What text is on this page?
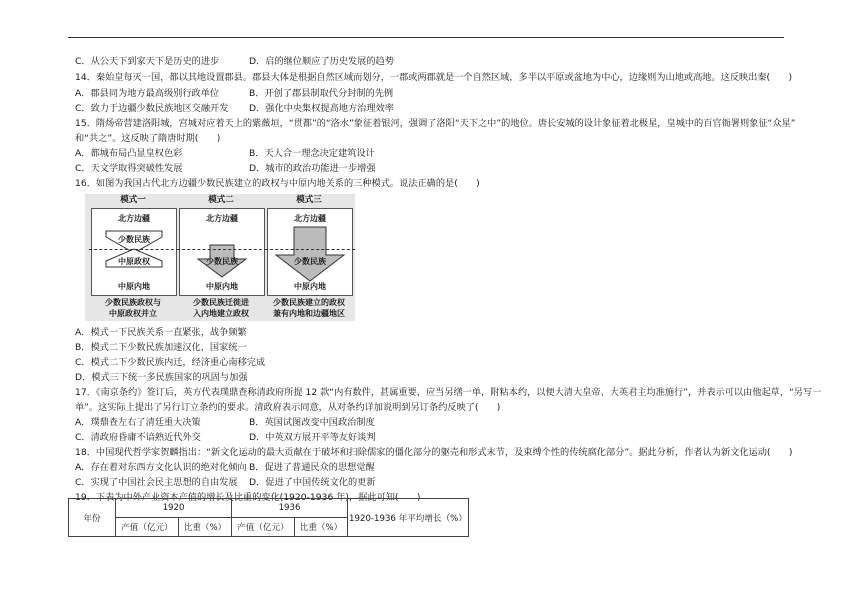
C．从公天下到家天下是历史的进步	D．启的继位顺应了历史发展的趋势
14．秦始皇每灭一国，都以其地设置郡县。郡县大体是根据自然区域而划分，一郡或两郡就是一个自然区域，多半以平原或盆地为中心，边缘则为山地或高地。这反映出秦(　　)
A．郡县同为地方最高级别行政单位	B．开创了郡县制取代分封制的先例
C．致力于边疆少数民族地区交融开发 D．强化中央集权提高地方治理效率
15．隋炀帝营建洛阳城，宫城对应着天上的紫薇垣，“贯都”的“洛水”象征着银河，强调了洛阳“天下之中”的地位。唐长安城的设计象征着北极星，皇城中的百官衙署则象征“众星”
和“共之”。这反映了隋唐时期(　　)
A．都城布局凸显皇权色彩	B．天人合一理念决定建筑设计
C．天文学取得突破性发展	D．城市的政治功能进一步增强
16．如图为我国古代北方边疆少数民族建立的政权与中原内地关系的三种模式。说法正确的是(　　)
A．模式一下民族关系一直紧张，战争频繁
B．模式二下少数民族加速汉化，国家统一
C．模式二下少数民族内迁，经济重心南移完成
D．模式三下统一多民族国家的巩固与加强
17．《南京条约》签订后，英方代表璞鼎查称清政府所提 12 款“内有数件，甚属重要，应当另缮一单，附粘本约，以便大清大皇帝、大英君主均准施行”，并表示可以由他起草，“另写一
单”。这实际上提出了另行订立条约的要求。清政府表示同意，从对条约详加说明到另订条约反映了(　　)
A．璞鼎查左右了清廷重大决策	B．英国试图改变中国政治制度
C．清政府昏庸不谙熟近代外交	D．中英双方展开平等友好谈判
18．中国现代哲学家贺麟指出：“新文化运动的最大贡献在于破坏和扫除儒家的僵化部分的躯壳和形式末节，及束缚个性的传统腐化部分”。据此分析，作者认为新文化运动(　　)
A．存在着对东西方文化认识的绝对化倾向 B．促进了普通民众的思想觉醒
C．实现了中国社会民主思想的自由发展 D．促进了中国传统文化的更新
19．下表为中外产业资本产值的增长及比重的变化(1920-1936 年)，据此可知(　　)
模式一
北方边疆
少数民族
中原政权
中原内地
少数民族政权与
中原政权并立
模式二
北方边疆
少数民族
中原内地
少数民族迁徙进
入内地建立政权
模式三
北方边疆
少数民族
中原内地
少数民族建立的政权
兼有内地和边疆地区
年份	1920		1936		1920-1936 年平均增长（%）
	产值（亿元）	比重（%）	产值（亿元）	比重（%）	
